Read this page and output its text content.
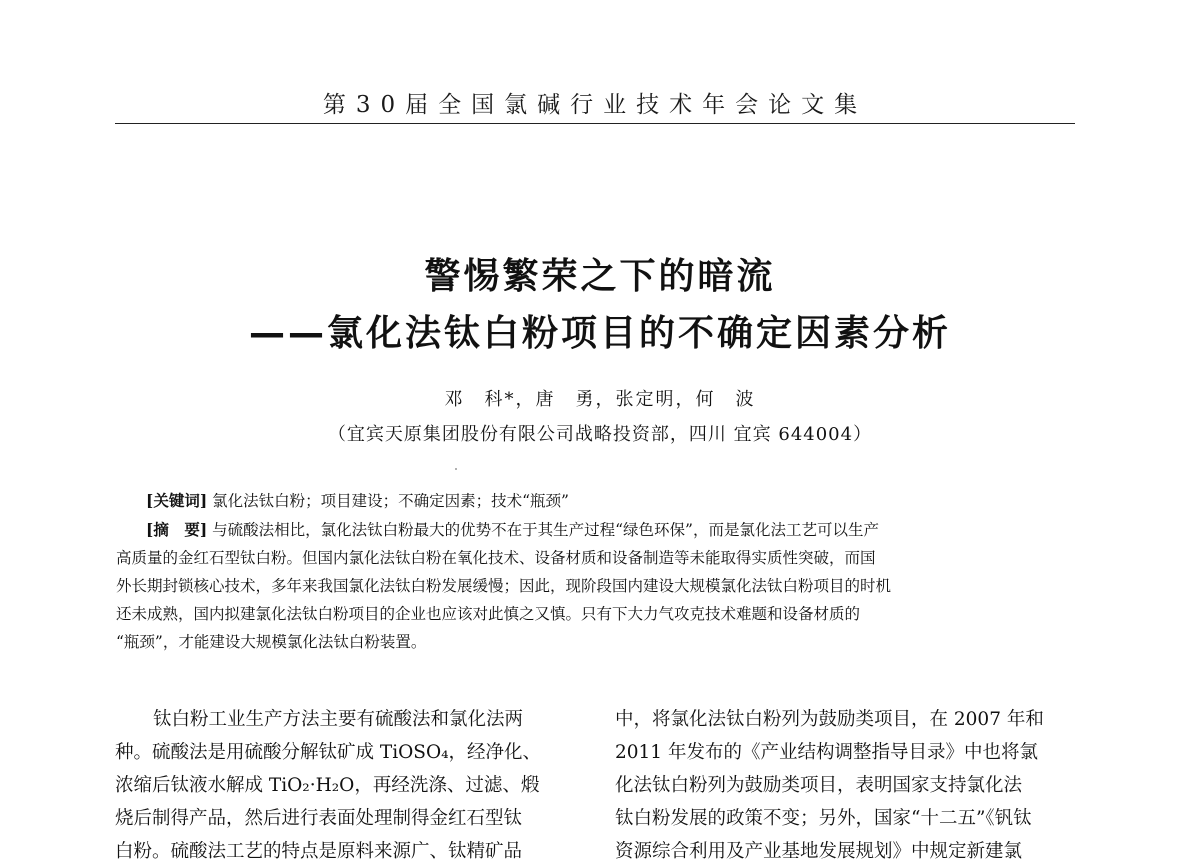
第30届全国氯碱行业技术年会论文集
警惕繁荣之下的暗流
——氯化法钛白粉项目的不确定因素分析
邓　科*，唐　勇，张定明，何　波
（宜宾天原集团股份有限公司战略投资部，四川 宜宾 644004）
[关键词] 氯化法钛白粉；项目建设；不确定因素；技术“瓶颈”
[摘　要] 与硫酸法相比，氯化法钛白粉最大的优势不在于其生产过程“绿色环保”，而是氯化法工艺可以生产
高质量的金红石型钛白粉。但国内氯化法钛白粉在氧化技术、设备材质和设备制造等未能取得实质性突破，而国
外长期封锁核心技术，多年来我国氯化法钛白粉发展缓慢；因此，现阶段国内建设大规模氯化法钛白粉项目的时机
还未成熟，国内拟建氯化法钛白粉项目的企业也应该对此慎之又慎。只有下大力气攻克技术难题和设备材质的
“瓶颈”，才能建设大规模氯化法钛白粉装置。
钛白粉工业生产方法主要有硫酸法和氯化法两
种。硫酸法是用硫酸分解钛矿成 TiOSO₄，经净化、
浓缩后钛液水解成 TiO₂·H₂O，再经洗涤、过滤、煅
烧后制得产品，然后进行表面处理制得金红石型钛
白粉。硫酸法工艺的特点是原料来源广、钛精矿品
中，将氯化法钛白粉列为鼓励类项目，在 2007 年和
2011 年发布的《产业结构调整指导目录》中也将氯
化法钛白粉列为鼓励类项目，表明国家支持氯化法
钛白粉发展的政策不变；另外，国家“十二五”《钒钛
资源综合利用及产业基地发展规划》中规定新建氯
